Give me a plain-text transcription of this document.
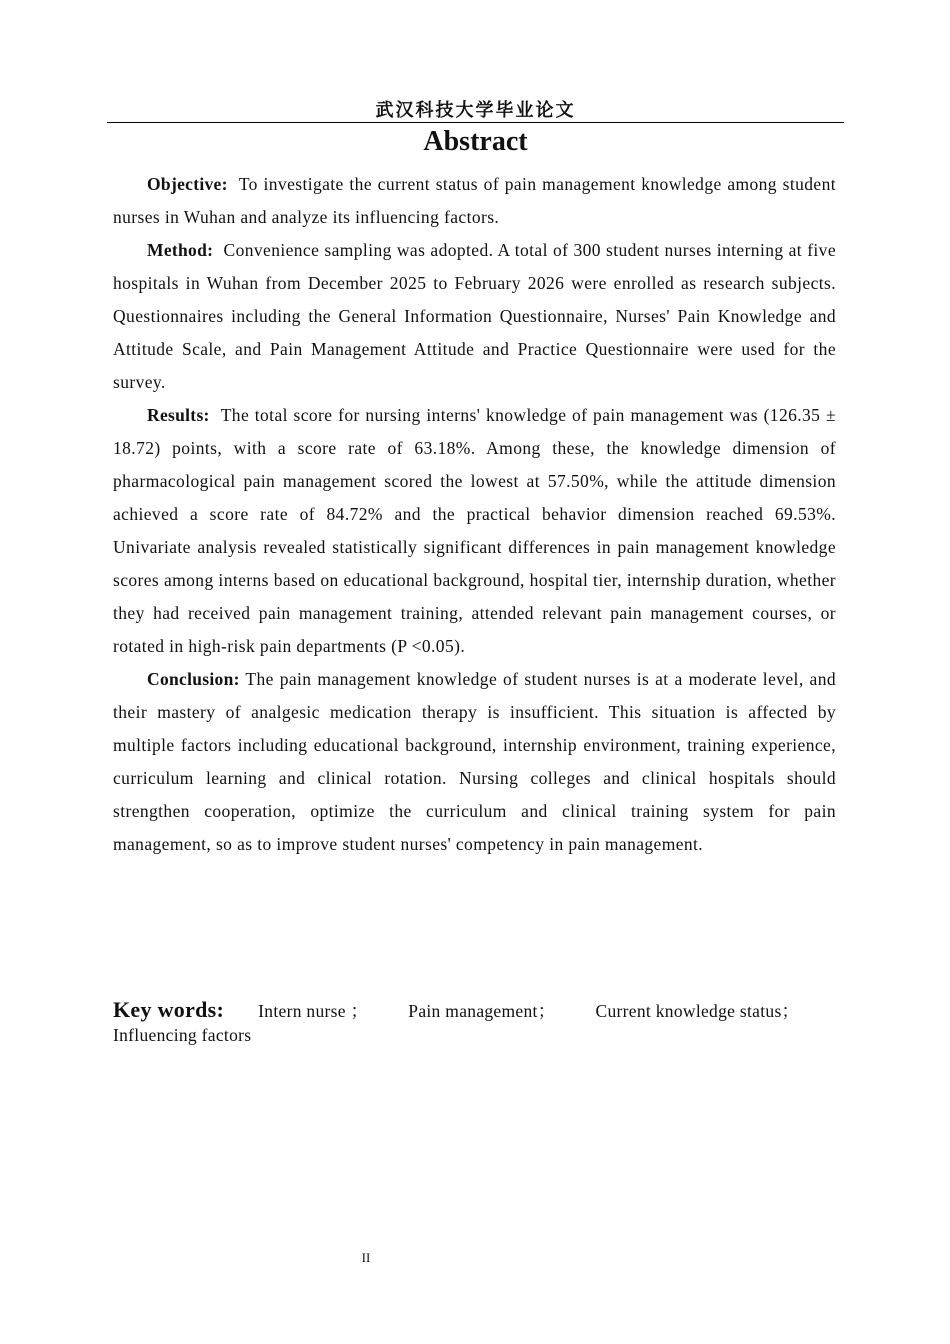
武汉科技大学毕业论文
Abstract

Objective: To investigate the current status of pain management knowledge among student nurses in Wuhan and analyze its influencing factors.

Method: Convenience sampling was adopted. A total of 300 student nurses interning at five hospitals in Wuhan from December 2025 to February 2026 were enrolled as research subjects. Questionnaires including the General Information Questionnaire, Nurses' Pain Knowledge and Attitude Scale, and Pain Management Attitude and Practice Questionnaire were used for the survey.

Results: The total score for nursing interns' knowledge of pain management was (126.35 ± 18.72) points, with a score rate of 63.18%. Among these, the knowledge dimension of pharmacological pain management scored the lowest at 57.50%, while the attitude dimension achieved a score rate of 84.72% and the practical behavior dimension reached 69.53%. Univariate analysis revealed statistically significant differences in pain management knowledge scores among interns based on educational background, hospital tier, internship duration, whether they had received pain management training, attended relevant pain management courses, or rotated in high-risk pain departments (P <0.05).

Conclusion: The pain management knowledge of student nurses is at a moderate level, and their mastery of analgesic medication therapy is insufficient. This situation is affected by multiple factors including educational background, internship environment, training experience, curriculum learning and clinical rotation. Nursing colleges and clinical hospitals should strengthen cooperation, optimize the curriculum and clinical training system for pain management, so as to improve student nurses' competency in pain management.

Key words: Intern nurse ； Pain management； Current knowledge status；Influencing factors
II
